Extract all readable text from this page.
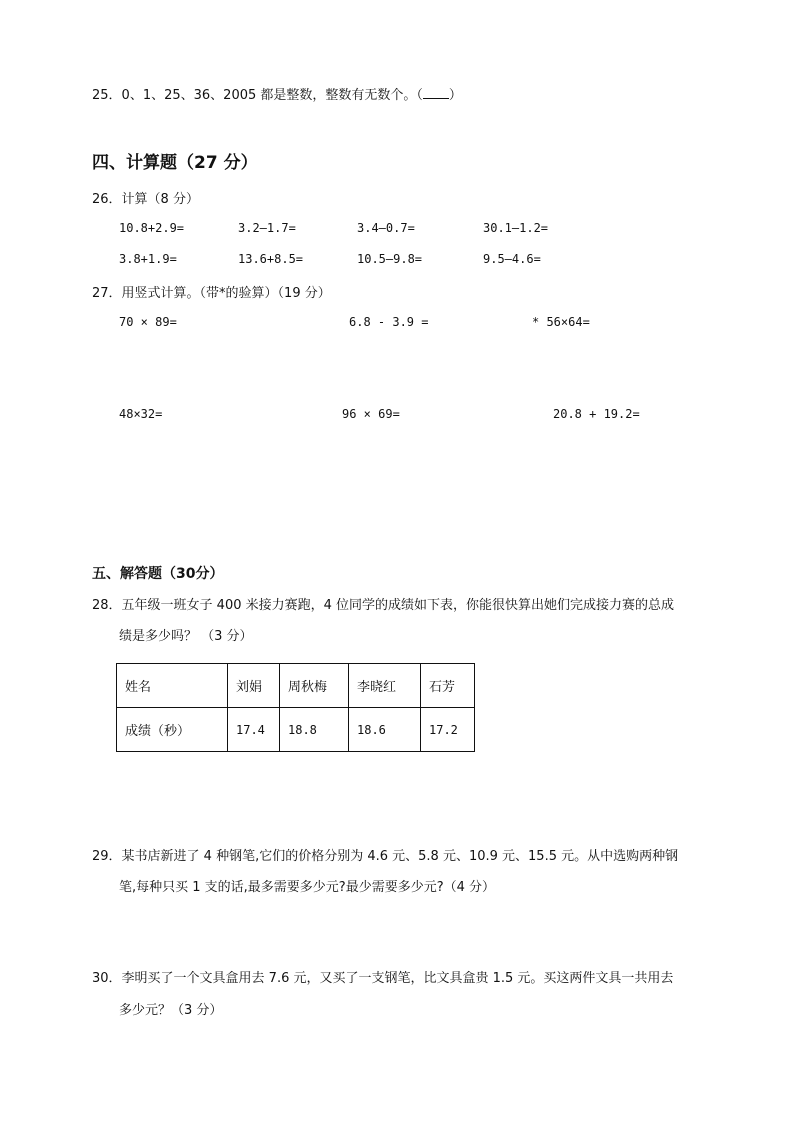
25．0、1、25、36、2005 都是整数，整数有无数个。（ ）
四、计算题（27 分）
26．计算（8 分）
10.8+2.9=	3.2—1.7=	3.4—0.7=	30.1—1.2=
3.8+1.9=	13.6+8.5=	10.5—9.8=	9.5—4.6=
27．用竖式计算。（带*的验算）（19 分）
70 × 89=	6.8 - 3.9 =	* 56×64=
48×32=	96 × 69=	20.8 + 19.2=
五、解答题（30分）
28．五年级一班女子 400 米接力赛跑，4 位同学的成绩如下表，你能很快算出她们完成接力赛的总成
绩是多少吗？ （3 分）
姓名	刘娟	周秋梅	李晓红	石芳
成绩（秒）	17.4	18.8	18.6	17.2
29．某书店新进了 4 种钢笔,它们的价格分别为 4.6 元、5.8 元、10.9 元、15.5 元。从中选购两种钢
笔,每种只买 1 支的话,最多需要多少元?最少需要多少元?（4 分）
30．李明买了一个文具盒用去 7.6 元，又买了一支钢笔，比文具盒贵 1.5 元。买这两件文具一共用去
多少元？（3 分）
